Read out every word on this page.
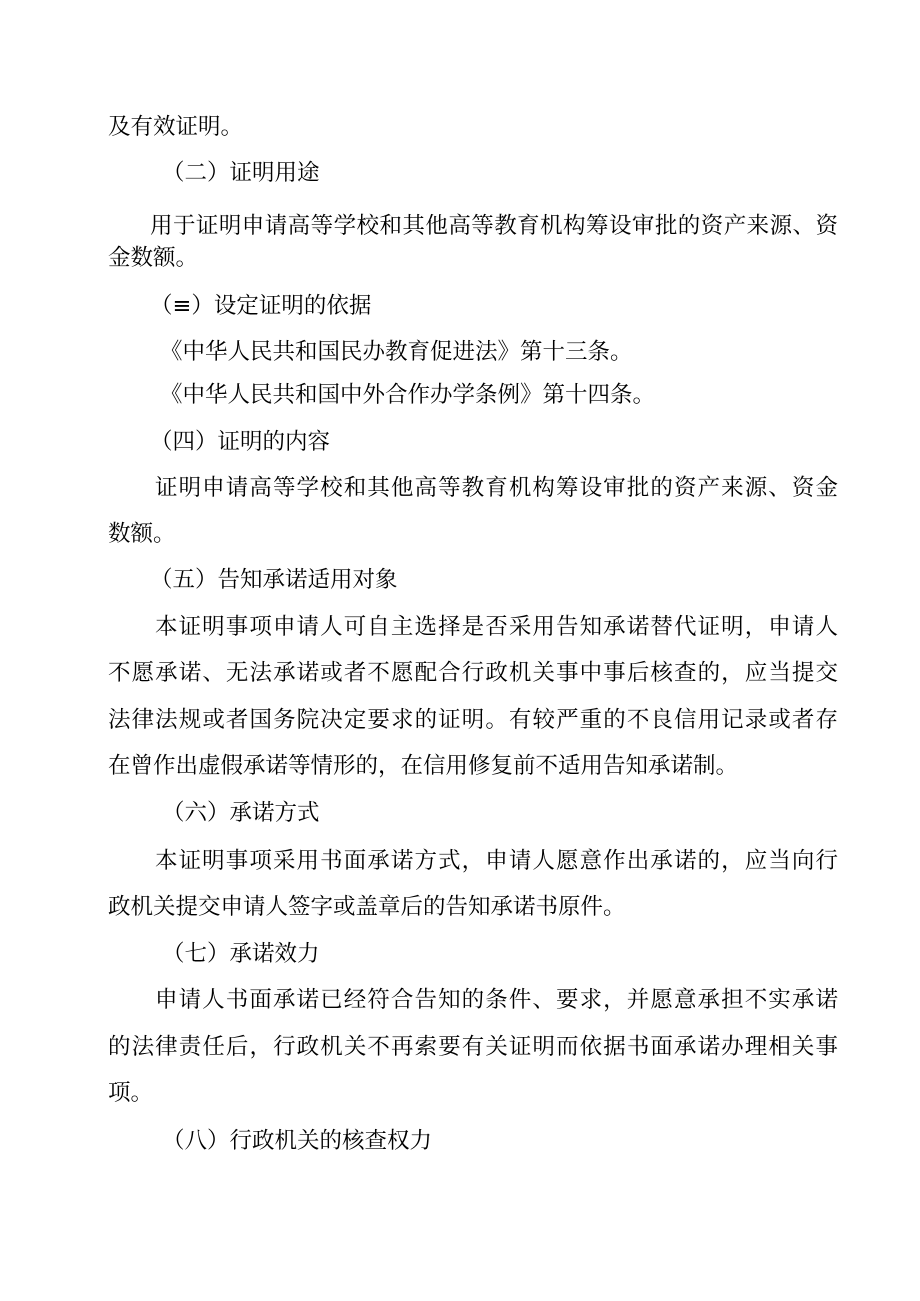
及有效证明。
（二）证明用途
用于证明申请高等学校和其他高等教育机构筹设审批的资产来源、资
金数额。
（≡）设定证明的依据
《中华人民共和国民办教育促进法》第十三条。
《中华人民共和国中外合作办学条例》第十四条。
（四）证明的内容
证明申请高等学校和其他高等教育机构筹设审批的资产来源、资金
数额。
（五）告知承诺适用对象
本证明事项申请人可自主选择是否采用告知承诺替代证明，申请人
不愿承诺、无法承诺或者不愿配合行政机关事中事后核查的，应当提交
法律法规或者国务院决定要求的证明。有较严重的不良信用记录或者存
在曾作出虚假承诺等情形的，在信用修复前不适用告知承诺制。
（六）承诺方式
本证明事项采用书面承诺方式，申请人愿意作出承诺的，应当向行
政机关提交申请人签字或盖章后的告知承诺书原件。
（七）承诺效力
申请人书面承诺已经符合告知的条件、要求，并愿意承担不实承诺
的法律责任后，行政机关不再索要有关证明而依据书面承诺办理相关事
项。
（八）行政机关的核查权力
